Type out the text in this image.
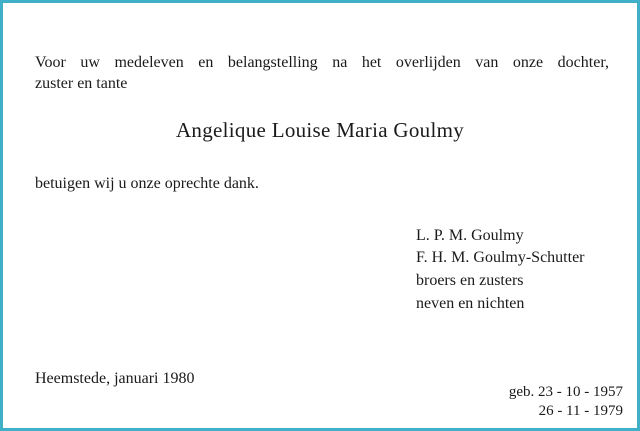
Voor uw medeleven en belangstelling na het overlijden van onze dochter,
zuster en tante
Angelique Louise Maria Goulmy
betuigen wij u onze oprechte dank.
L. P. M. Goulmy
F. H. M. Goulmy-Schutter
broers en zusters
neven en nichten
Heemstede, januari 1980
geb. 23 - 10 - 1957
26 - 11 - 1979
